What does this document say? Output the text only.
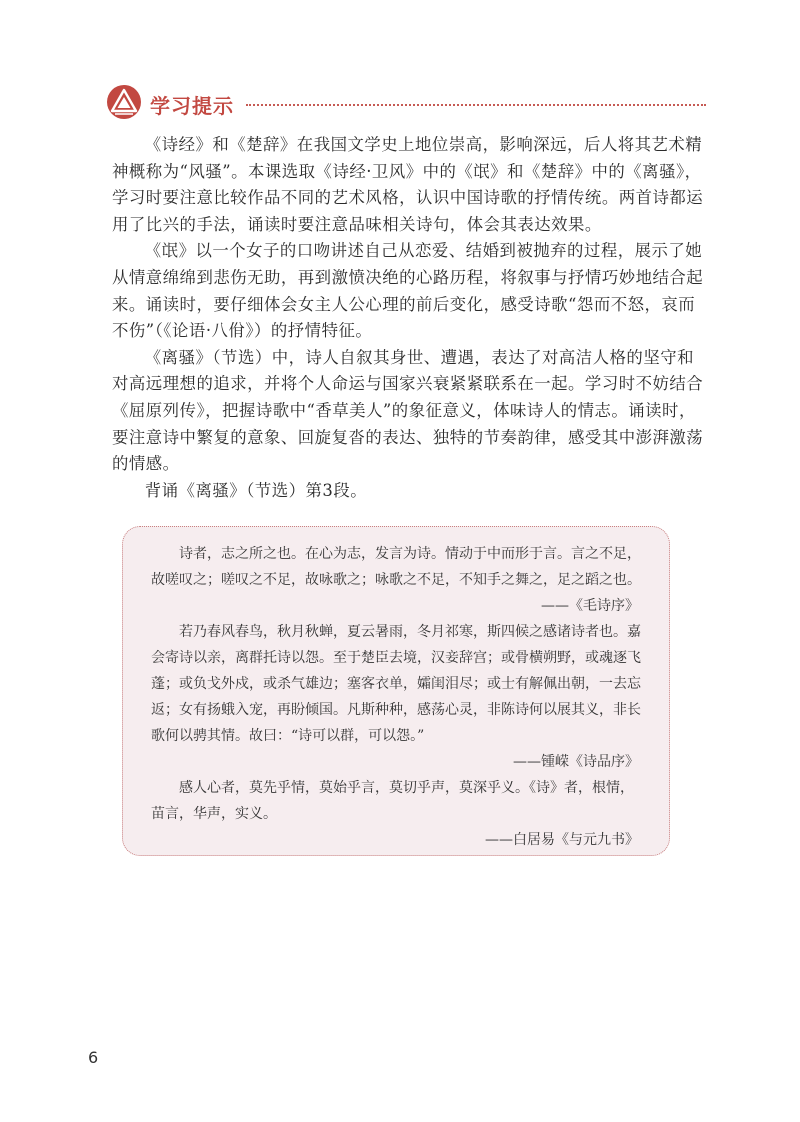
学习提示

《诗经》和《楚辞》在我国文学史上地位崇高，影响深远，后人将其艺术精神概称为“风骚”。本课选取《诗经·卫风》中的《氓》和《楚辞》中的《离骚》，学习时要注意比较作品不同的艺术风格，认识中国诗歌的抒情传统。两首诗都运用了比兴的手法，诵读时要注意品味相关诗句，体会其表达效果。

《氓》以一个女子的口吻讲述自己从恋爱、结婚到被抛弃的过程，展示了她从情意绵绵到悲伤无助，再到激愤决绝的心路历程，将叙事与抒情巧妙地结合起来。诵读时，要仔细体会女主人公心理的前后变化，感受诗歌“怨而不怒，哀而不伤”（《论语·八佾》）的抒情特征。

《离骚》（节选）中，诗人自叙其身世、遭遇，表达了对高洁人格的坚守和对高远理想的追求，并将个人命运与国家兴衰紧紧联系在一起。学习时不妨结合《屈原列传》，把握诗歌中“香草美人”的象征意义，体味诗人的情志。诵读时，要注意诗中繁复的意象、回旋复沓的表达、独特的节奏韵律，感受其中澎湃激荡的情感。

背诵《离骚》（节选）第3段。

诗者，志之所之也。在心为志，发言为诗。情动于中而形于言。言之不足，故嗟叹之；嗟叹之不足，故咏歌之；咏歌之不足，不知手之舞之，足之蹈之也。

——《毛诗序》

若乃春风春鸟，秋月秋蝉，夏云暑雨，冬月祁寒，斯四候之感诸诗者也。嘉会寄诗以亲，离群托诗以怨。至于楚臣去境，汉妾辞宫；或骨横朔野，或魂逐飞蓬；或负戈外戍，或杀气雄边；塞客衣单，孀闺泪尽；或士有解佩出朝，一去忘返；女有扬蛾入宠，再盼倾国。凡斯种种，感荡心灵，非陈诗何以展其义，非长歌何以骋其情。故曰：“诗可以群，可以怨。”

——锺嵘《诗品序》

感人心者，莫先乎情，莫始乎言，莫切乎声，莫深乎义。《诗》者，根情，苗言，华声，实义。

——白居易《与元九书》

6
